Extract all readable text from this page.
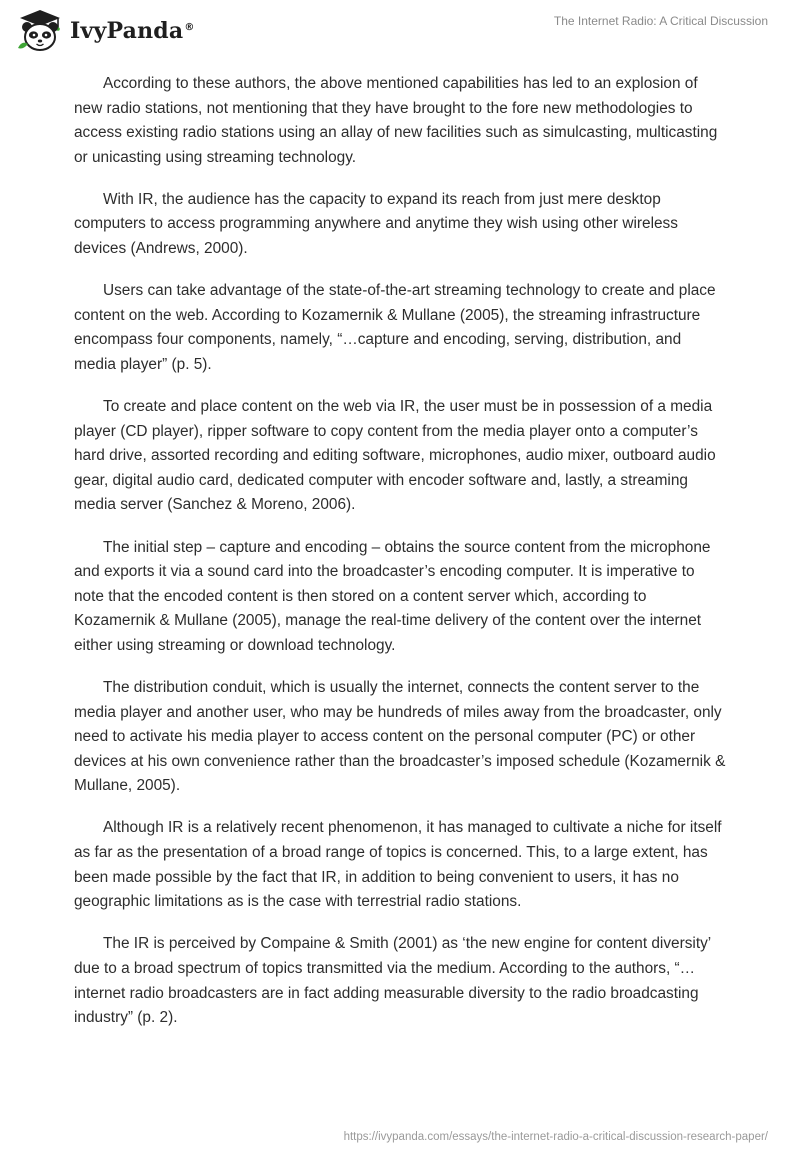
IvyPanda®	The Internet Radio: A Critical Discussion

According to these authors, the above mentioned capabilities has led to an explosion of new radio stations, not mentioning that they have brought to the fore new methodologies to access existing radio stations using an allay of new facilities such as simulcasting, multicasting or unicasting using streaming technology.

With IR, the audience has the capacity to expand its reach from just mere desktop computers to access programming anywhere and anytime they wish using other wireless devices (Andrews, 2000).

Users can take advantage of the state-of-the-art streaming technology to create and place content on the web. According to Kozamernik & Mullane (2005), the streaming infrastructure encompass four components, namely, “…capture and encoding, serving, distribution, and media player” (p. 5).

To create and place content on the web via IR, the user must be in possession of a media player (CD player), ripper software to copy content from the media player onto a computer’s hard drive, assorted recording and editing software, microphones, audio mixer, outboard audio gear, digital audio card, dedicated computer with encoder software and, lastly, a streaming media server (Sanchez & Moreno, 2006).

The initial step – capture and encoding – obtains the source content from the microphone and exports it via a sound card into the broadcaster’s encoding computer. It is imperative to note that the encoded content is then stored on a content server which, according to Kozamernik & Mullane (2005), manage the real-time delivery of the content over the internet either using streaming or download technology.

The distribution conduit, which is usually the internet, connects the content server to the media player and another user, who may be hundreds of miles away from the broadcaster, only need to activate his media player to access content on the personal computer (PC) or other devices at his own convenience rather than the broadcaster’s imposed schedule (Kozamernik & Mullane, 2005).

Although IR is a relatively recent phenomenon, it has managed to cultivate a niche for itself as far as the presentation of a broad range of topics is concerned. This, to a large extent, has been made possible by the fact that IR, in addition to being convenient to users, it has no geographic limitations as is the case with terrestrial radio stations.

The IR is perceived by Compaine & Smith (2001) as ‘the new engine for content diversity’ due to a broad spectrum of topics transmitted via the medium. According to the authors, “…internet radio broadcasters are in fact adding measurable diversity to the radio broadcasting industry” (p. 2).

https://ivypanda.com/essays/the-internet-radio-a-critical-discussion-research-paper/
